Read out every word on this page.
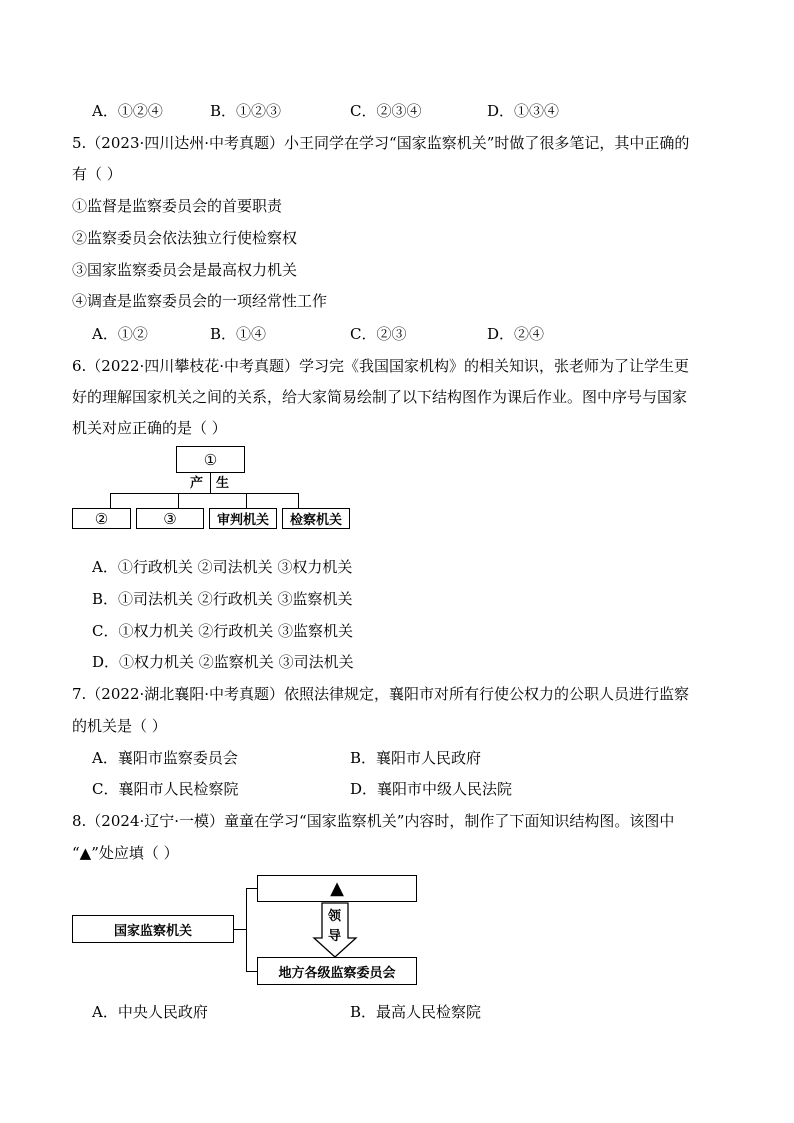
A．①②④	B．①②③	C．②③④	D．①③④
5.（2023·四川达州·中考真题）小王同学在学习“国家监察机关”时做了很多笔记，其中正确的
有（ ）
①监督是监察委员会的首要职责
②监察委员会依法独立行使检察权
③国家监察委员会是最高权力机关
④调查是监察委员会的一项经常性工作
A．①②	B．①④	C．②③	D．②④
6.（2022·四川攀枝花·中考真题）学习完《我国国家机构》的相关知识，张老师为了让学生更
好的理解国家机关之间的关系，给大家简易绘制了以下结构图作为课后作业。图中序号与国家
机关对应正确的是（ ）
①
产 生
②	③	审判机关	检察机关
A．①行政机关 ②司法机关 ③权力机关
B．①司法机关 ②行政机关 ③监察机关
C．①权力机关 ②行政机关 ③监察机关
D．①权力机关 ②监察机关 ③司法机关
7.（2022·湖北襄阳·中考真题）依照法律规定，襄阳市对所有行使公权力的公职人员进行监察
的机关是（ ）
A．襄阳市监察委员会	B．襄阳市人民政府
C．襄阳市人民检察院	D．襄阳市中级人民法院
8.（2024·辽宁·一模）童童在学习“国家监察机关”内容时，制作了下面知识结构图。该图中
“▲”处应填（ ）
国家监察机关
▲
领
导
地方各级监察委员会
A．中央人民政府	B．最高人民检察院
